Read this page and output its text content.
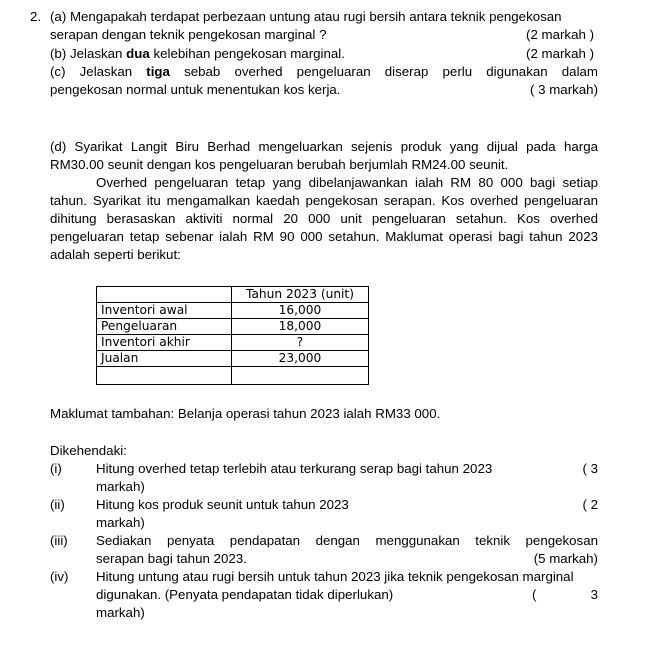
2. (a) Mengapakah terdapat perbezaan untung atau rugi bersih antara teknik pengekosan
serapan dengan teknik pengekosan marginal ?	(2 markah )
(b) Jelaskan dua kelebihan pengekosan marginal.	(2 markah )
(c) Jelaskan tiga sebab overhed pengeluaran diserap perlu digunakan dalam
pengekosan normal untuk menentukan kos kerja.	( 3 markah)
(d) Syarikat Langit Biru Berhad mengeluarkan sejenis produk yang dijual pada harga RM30.00 seunit dengan kos pengeluaran berubah berjumlah RM24.00 seunit.
Overhed pengeluaran tetap yang dibelanjawankan ialah RM 80 000 bagi setiap tahun. Syarikat itu mengamalkan kaedah pengekosan serapan. Kos overhed pengeluaran dihitung berasaskan aktiviti normal 20 000 unit pengeluaran setahun. Kos overhed pengeluaran tetap sebenar ialah RM 90 000 setahun. Maklumat operasi bagi tahun 2023 adalah seperti berikut:
	Tahun 2023 (unit)
Inventori awal	16,000
Pengeluaran	18,000
Inventori akhir	?
Jualan	23,000

Maklumat tambahan: Belanja operasi tahun 2023 ialah RM33 000.
Dikehendaki:
(i)	Hitung overhed tetap terlebih atau terkurang serap bagi tahun 2023	( 3
markah)
(ii)	Hitung kos produk seunit untuk tahun 2023	( 2
markah)
(iii)	Sediakan penyata pendapatan dengan menggunakan teknik pengekosan
serapan bagi tahun 2023.	(5 markah)
(iv)	Hitung untung atau rugi bersih untuk tahun 2023 jika teknik pengekosan marginal
digunakan. (Penyata pendapatan tidak diperlukan)	(	3
markah)
